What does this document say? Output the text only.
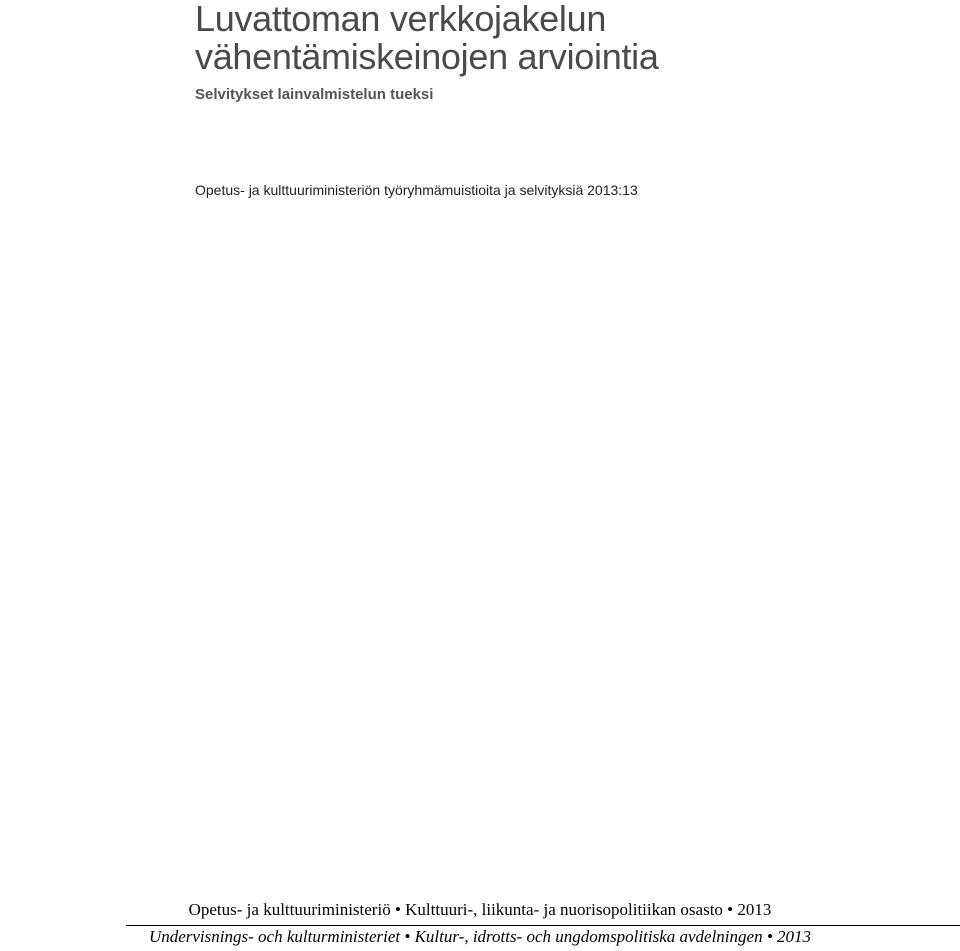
Luvattoman verkkojakelun
vähentämiskeinojen arviointia

Selvitykset lainvalmistelun tueksi

Opetus- ja kulttuuriministeriön työryhmämuistioita ja selvityksiä 2013:13

Opetus- ja kulttuuriministeriö • Kulttuuri-, liikunta- ja nuorisopolitiikan osasto • 2013

Undervisnings- och kulturministeriet • Kultur-, idrotts- och ungdomspolitiska avdelningen • 2013
